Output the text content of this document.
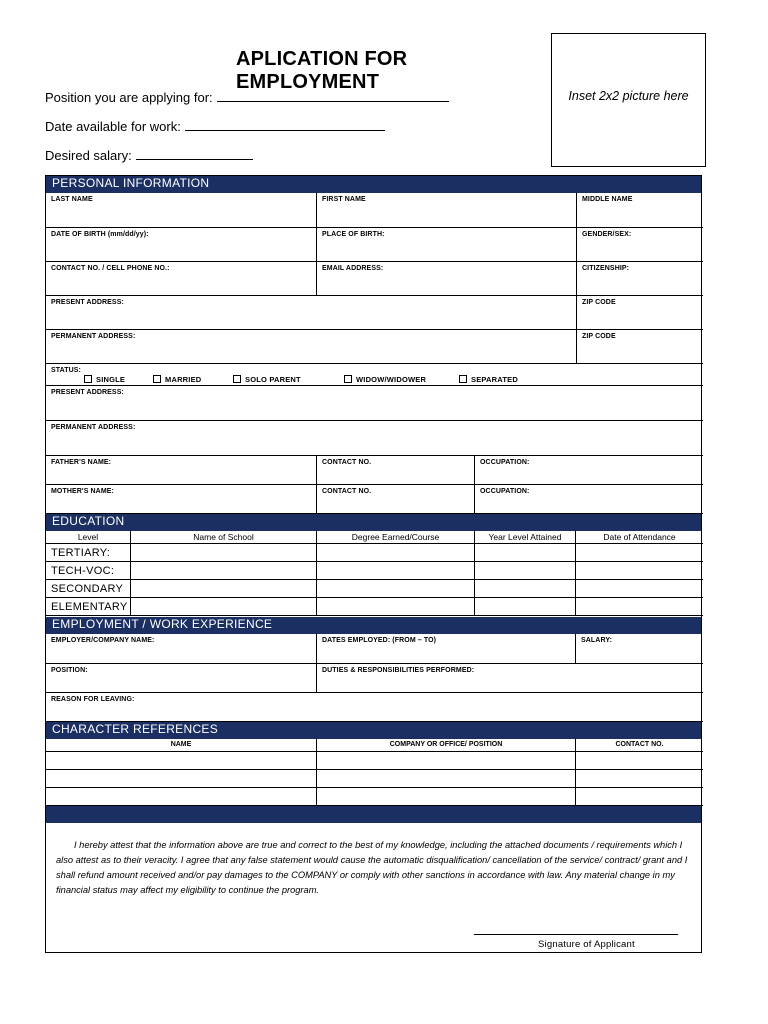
APLICATION FOR EMPLOYMENT
Position you are applying for:
Date available for work:
Desired salary:
Inset 2x2 picture here
PERSONAL INFORMATION
LAST NAME	FIRST NAME	MIDDLE NAME
DATE OF BIRTH (mm/dd/yy):	PLACE OF BIRTH:	GENDER/SEX:
CONTACT NO. / CELL PHONE NO.:	EMAIL ADDRESS:	CITIZENSHIP:
PRESENT ADDRESS:	ZIP CODE
PERMANENT ADDRESS:	ZIP CODE
STATUS:
SINGLE	MARRIED	SOLO PARENT	WIDOW/WIDOWER	SEPARATED
PRESENT ADDRESS:
PERMANENT ADDRESS:
FATHER'S NAME:	CONTACT NO.	OCCUPATION:
MOTHER'S NAME:	CONTACT NO.	OCCUPATION:
EDUCATION
Level	Name of School	Degree Earned/Course	Year Level Attained	Date of Attendance
TERTIARY:
TECH-VOC:
SECONDARY
ELEMENTARY
EMPLOYMENT / WORK EXPERIENCE
EMPLOYER/COMPANY NAME:	DATES EMPLOYED: (FROM – TO)	SALARY:
POSITION:	DUTIES & RESPONSIBILITIES PERFORMED:
REASON FOR LEAVING:
CHARACTER REFERENCES
NAME	COMPANY OR OFFICE/ POSITION	CONTACT NO.
I hereby attest that the information above are true and correct to the best of my knowledge, including the attached documents / requirements which I also attest as to their veracity. I agree that any false statement would cause the automatic disqualification/ cancellation of the service/ contract/ grant and I shall refund amount received and/or pay damages to the COMPANY or comply with other sanctions in accordance with law. Any material change in my financial status may affect my eligibility to continue the program.
Signature of Applicant
